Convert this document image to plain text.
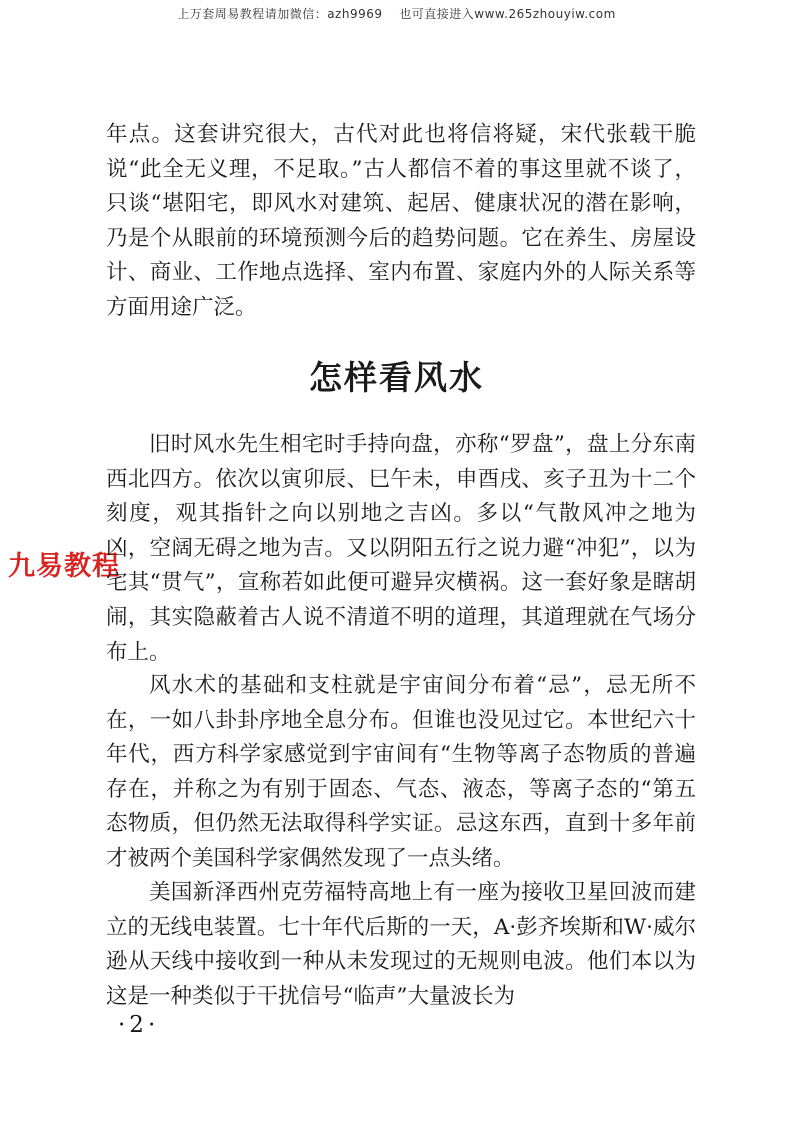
上万套周易教程请加微信：azh9969　 也可直接进入www.265zhouyiw.com
九易教程

年点。这套讲究很大，古代对此也将信将疑，宋代张载干脆说“此全无义理，不足取。”古人都信不着的事这里就不谈了，只谈“堪阳宅，即风水对建筑、起居、健康状况的潜在影响，乃是个从眼前的环境预测今后的趋势问题。它在养生、房屋设计、商业、工作地点选择、室内布置、家庭内外的人际关系等方面用途广泛。

怎样看风水

旧时风水先生相宅时手持向盘，亦称“罗盘”，盘上分东南西北四方。依次以寅卯辰、巳午未，申酉戌、亥子丑为十二个刻度，观其指针之向以别地之吉凶。多以“气散风冲之地为凶，空阔无碍之地为吉。又以阴阳五行之说力避“冲犯”，以为宅其“贯气”，宣称若如此便可避异灾横祸。这一套好象是瞎胡闹，其实隐蔽着古人说不清道不明的道理，其道理就在气场分布上。

风水术的基础和支柱就是宇宙间分布着“忌”，忌无所不在，一如八卦卦序地全息分布。但谁也没见过它。本世纪六十年代，西方科学家感觉到宇宙间有“生物等离子态物质的普遍存在，并称之为有别于固态、气态、液态，等离子态的“第五态物质，但仍然无法取得科学实证。忌这东西，直到十多年前才被两个美国科学家偶然发现了一点头绪。

美国新泽西州克劳福特高地上有一座为接收卫星回波而建立的无线电装置。七十年代后斯的一天，A·彭齐埃斯和W·威尔逊从天线中接收到一种从未发现过的无规则电波。他们本以为这是一种类似于干扰信号“临声”大量波长为

·2·
